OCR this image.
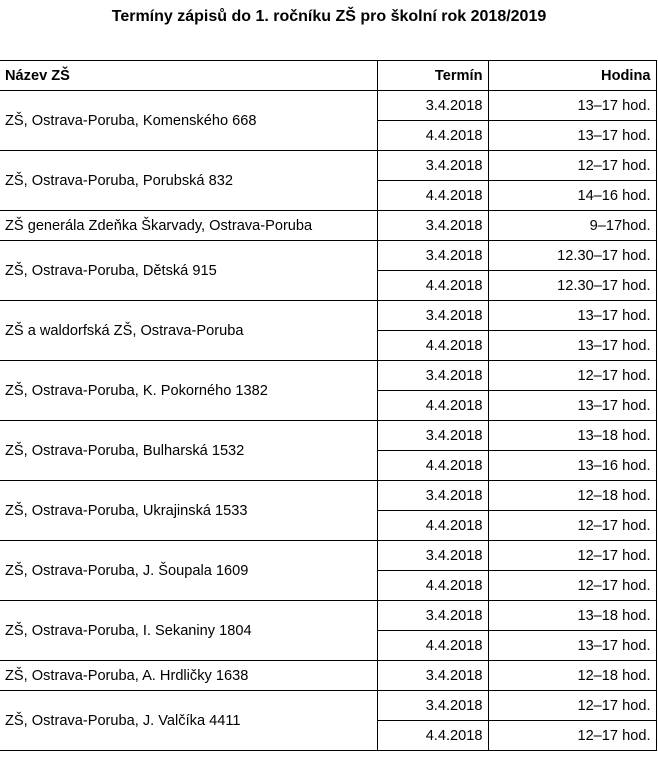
Termíny zápisů do 1. ročníku ZŠ pro školní rok 2018/2019
Název ZŠ	Termín	Hodina
ZŠ, Ostrava-Poruba, Komenského 668	3.4.2018	13–17 hod.
	4.4.2018	13–17 hod.
ZŠ, Ostrava-Poruba, Porubská 832	3.4.2018	12–17 hod.
	4.4.2018	14–16 hod.
ZŠ generála Zdeňka Škarvady, Ostrava-Poruba	3.4.2018	9–17hod.
ZŠ, Ostrava-Poruba, Dětská 915	3.4.2018	12.30–17 hod.
	4.4.2018	12.30–17 hod.
ZŠ a waldorfská ZŠ, Ostrava-Poruba	3.4.2018	13–17 hod.
	4.4.2018	13–17 hod.
ZŠ, Ostrava-Poruba, K. Pokorného 1382	3.4.2018	12–17 hod.
	4.4.2018	13–17 hod.
ZŠ, Ostrava-Poruba, Bulharská 1532	3.4.2018	13–18 hod.
	4.4.2018	13–16 hod.
ZŠ, Ostrava-Poruba, Ukrajinská 1533	3.4.2018	12–18 hod.
	4.4.2018	12–17 hod.
ZŠ, Ostrava-Poruba, J. Šoupala 1609	3.4.2018	12–17 hod.
	4.4.2018	12–17 hod.
ZŠ, Ostrava-Poruba, I. Sekaniny 1804	3.4.2018	13–18 hod.
	4.4.2018	13–17 hod.
ZŠ, Ostrava-Poruba, A. Hrdličky 1638	3.4.2018	12–18 hod.
ZŠ, Ostrava-Poruba, J. Valčíka 4411	3.4.2018	12–17 hod.
	4.4.2018	12–17 hod.
